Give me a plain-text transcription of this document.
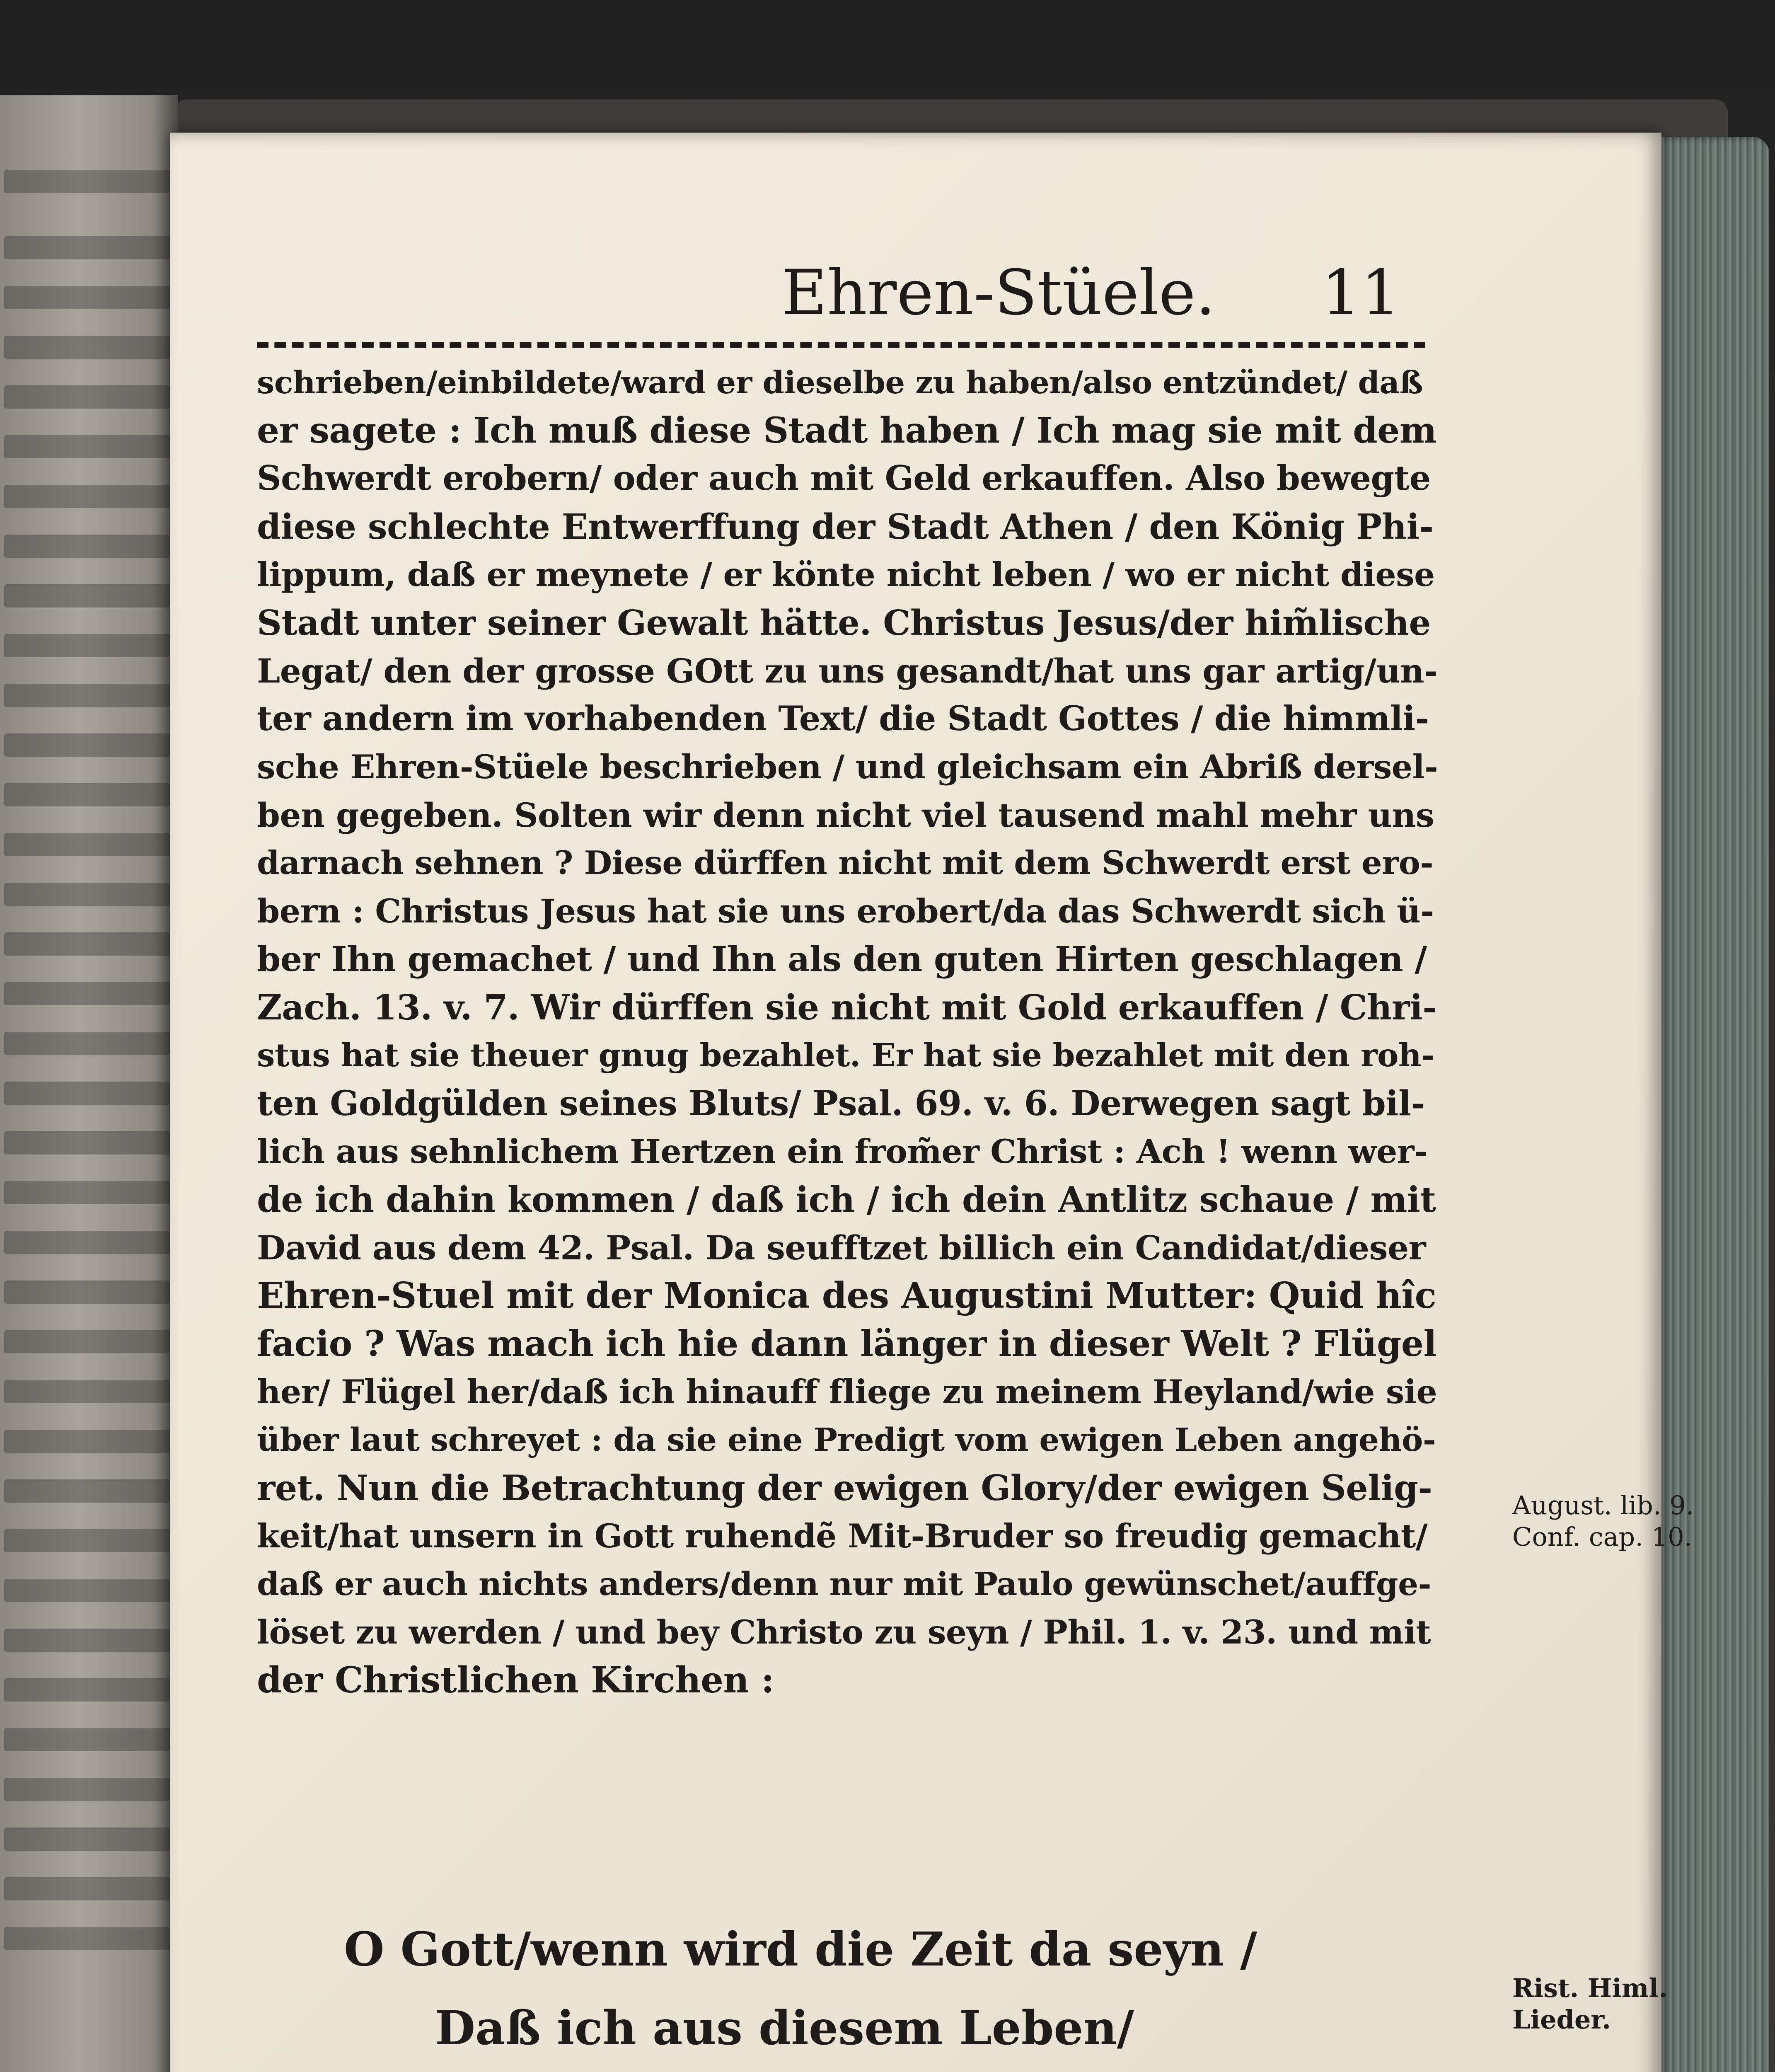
Ehren-Stüele.	11
schrieben/einbildete/ward er dieselbe zu haben/also entzündet/ daß
er sagete : Ich muß diese Stadt haben / Ich mag sie mit dem
Schwerdt erobern/ oder auch mit Geld erkauffen. Also bewegte
diese schlechte Entwerffung der Stadt Athen / den König Phi-
lippum, daß er meynete / er könte nicht leben / wo er nicht diese
Stadt unter seiner Gewalt hätte. Christus Jesus/der him̃lische
Legat/ den der grosse GOtt zu uns gesandt/hat uns gar artig/un-
ter andern im vorhabenden Text/ die Stadt Gottes / die himmli-
sche Ehren-Stüele beschrieben / und gleichsam ein Abriß dersel-
ben gegeben. Solten wir denn nicht viel tausend mahl mehr uns
darnach sehnen ? Diese dürffen nicht mit dem Schwerdt erst ero-
bern : Christus Jesus hat sie uns erobert/da das Schwerdt sich ü-
ber Ihn gemachet / und Ihn als den guten Hirten geschlagen /
Zach. 13. v. 7. Wir dürffen sie nicht mit Gold erkauffen / Chri-
stus hat sie theuer gnug bezahlet. Er hat sie bezahlet mit den roh-
ten Goldgülden seines Bluts/ Psal. 69. v. 6. Derwegen sagt bil-
lich aus sehnlichem Hertzen ein from̃er Christ : Ach ! wenn wer-
de ich dahin kommen / daß ich / ich dein Antlitz schaue / mit
David aus dem 42. Psal. Da seufftzet billich ein Candidat/dieser
Ehren-Stuel mit der Monica des Augustini Mutter: Quid hîc
facio ? Was mach ich hie dann länger in dieser Welt ? Flügel
her/ Flügel her/daß ich hinauff fliege zu meinem Heyland/wie sie
über laut schreyet : da sie eine Predigt vom ewigen Leben angehö-
ret. Nun die Betrachtung der ewigen Glory/der ewigen Selig-
keit/hat unsern in Gott ruhendẽ Mit-Bruder so freudig gemacht/
daß er auch nichts anders/denn nur mit Paulo gewünschet/auffge-
löset zu werden / und bey Christo zu seyn / Phil. 1. v. 23. und mit
der Christlichen Kirchen :
O Gott/wenn wird die Zeit da seyn /
Daß ich aus diesem Leben/
August. lib. 9.
Conf. cap. 10.
Rist. Himl.
Lieder.
